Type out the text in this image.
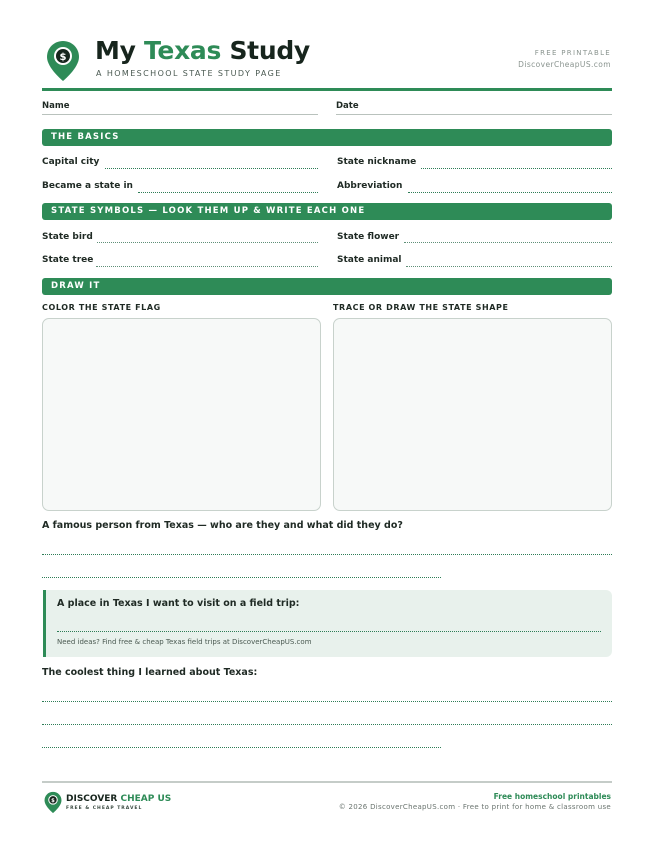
$ My Texas Study
A HOMESCHOOL STATE STUDY PAGE
FREE PRINTABLE
DiscoverCheapUS.com
Name	Date
THE BASICS
Capital city	State nickname
Became a state in	Abbreviation
STATE SYMBOLS — LOOK THEM UP & WRITE EACH ONE
State bird	State flower
State tree	State animal
DRAW IT
COLOR THE STATE FLAG	TRACE OR DRAW THE STATE SHAPE
A famous person from Texas — who are they and what did they do?
A place in Texas I want to visit on a field trip:
Need ideas? Find free & cheap Texas field trips at DiscoverCheapUS.com
The coolest thing I learned about Texas:
$ DISCOVER CHEAP US
FREE & CHEAP TRAVEL
Free homeschool printables
© 2026 DiscoverCheapUS.com · Free to print for home & classroom use
